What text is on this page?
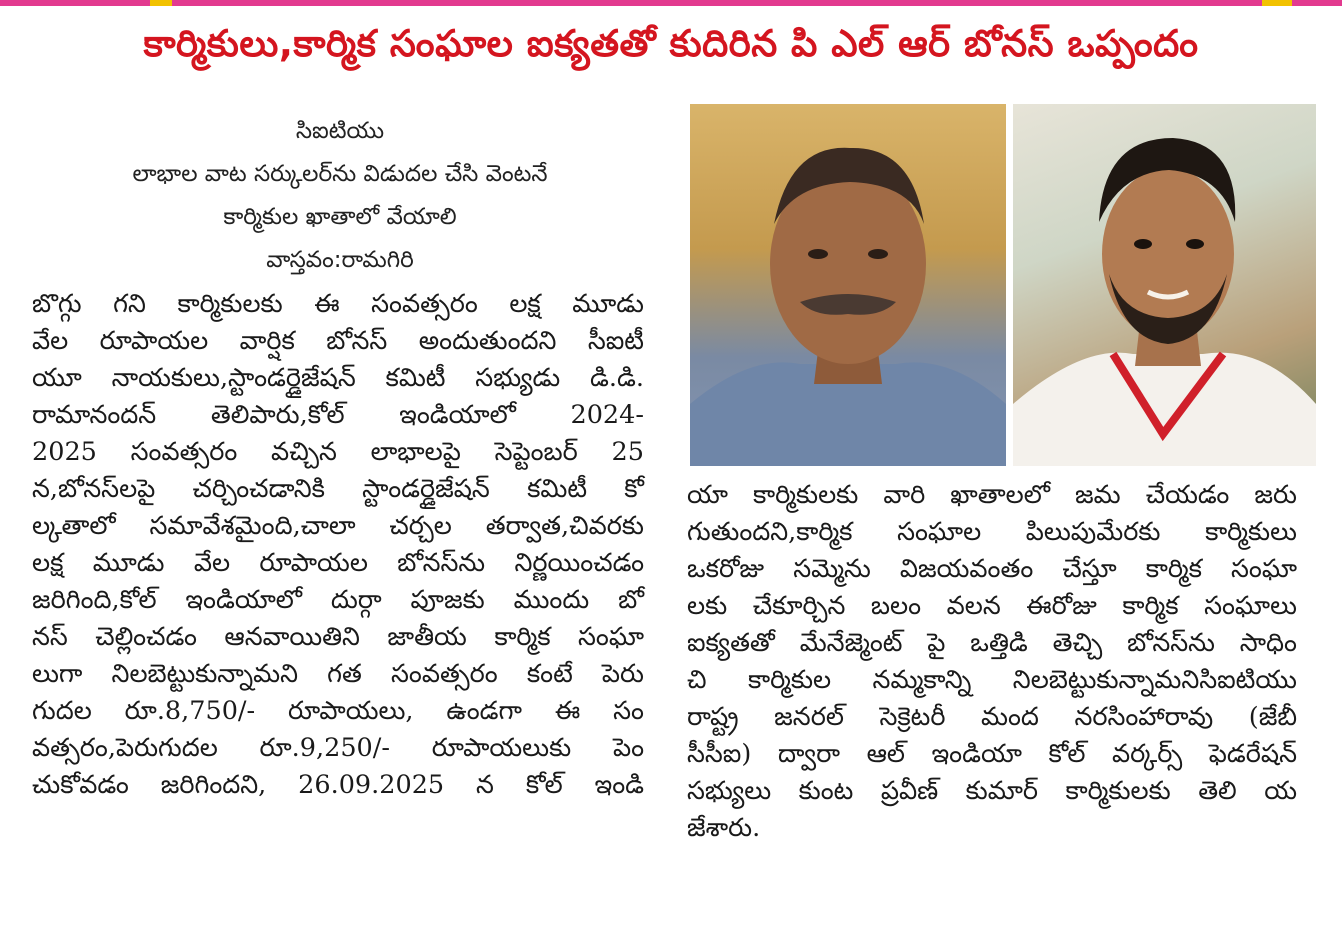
కార్మికులు,కార్మిక సంఘాల ఐక్యతతో కుదిరిన పి ఎల్ ఆర్ బోనస్ ఒప్పందం
సిఐటియు
లాభాల వాట సర్కులర్‌ను విడుదల చేసి వెంటనే
కార్మికుల ఖాతాలో వేయాలి
వాస్తవం:రామగిరి
బొగ్గు గని కార్మికులకు ఈ సంవత్సరం లక్ష మూడు
వేల రూపాయల వార్షిక బోనస్ అందుతుందని సీఐటీ
యూ నాయకులు,స్టాండర్డైజేషన్ కమిటీ సభ్యుడు డి.డి.
రామానందన్ తెలిపారు,కోల్ ఇండియాలో 2024-
2025 సంవత్సరం వచ్చిన లాభాలపై సెప్టెంబర్ 25
న,బోనస్‌లపై చర్చించడానికి స్టాండర్డైజేషన్ కమిటీ కో
ల్కతాలో సమావేశమైంది,చాలా చర్చల తర్వాత,చివరకు
లక్ష మూడు వేల రూపాయల బోనస్‌ను నిర్ణయించడం
జరిగింది,కోల్ ఇండియాలో దుర్గా పూజకు ముందు బో
నస్ చెల్లించడం ఆనవాయితిని జాతీయ కార్మిక సంఘా
లుగా నిలబెట్టుకున్నామని గత సంవత్సరం కంటే పెరు
గుదల రూ.8,750/- రూపాయలు, ఉండగా ఈ సం
వత్సరం,పెరుగుదల రూ.9,250/- రూపాయలుకు పెం
చుకోవడం జరిగిందని, 26.09.2025 న కోల్ ఇండి
యా కార్మికులకు వారి ఖాతాలలో జమ చేయడం జరు
గుతుందని,కార్మిక సంఘాల పిలుపుమేరకు కార్మికులు
ఒకరోజు సమ్మెను విజయవంతం చేస్తూ కార్మిక సంఘా
లకు చేకూర్చిన బలం వలన ఈరోజు కార్మిక సంఘాలు
ఐక్యతతో మేనేజ్మెంట్ పై ఒత్తిడి తెచ్చి బోనస్‌ను సాధిం
చి కార్మికుల నమ్మకాన్ని నిలబెట్టుకున్నామనిసిఐటియు
రాష్ట్ర జనరల్ సెక్రెటరీ మంద నరసింహారావు (జేబీ
సీసీఐ) ద్వారా ఆల్ ఇండియా కోల్ వర్కర్స్ ఫెడరేషన్
సభ్యులు కుంట ప్రవీణ్ కుమార్ కార్మికులకు తెలి య
జేశారు.
